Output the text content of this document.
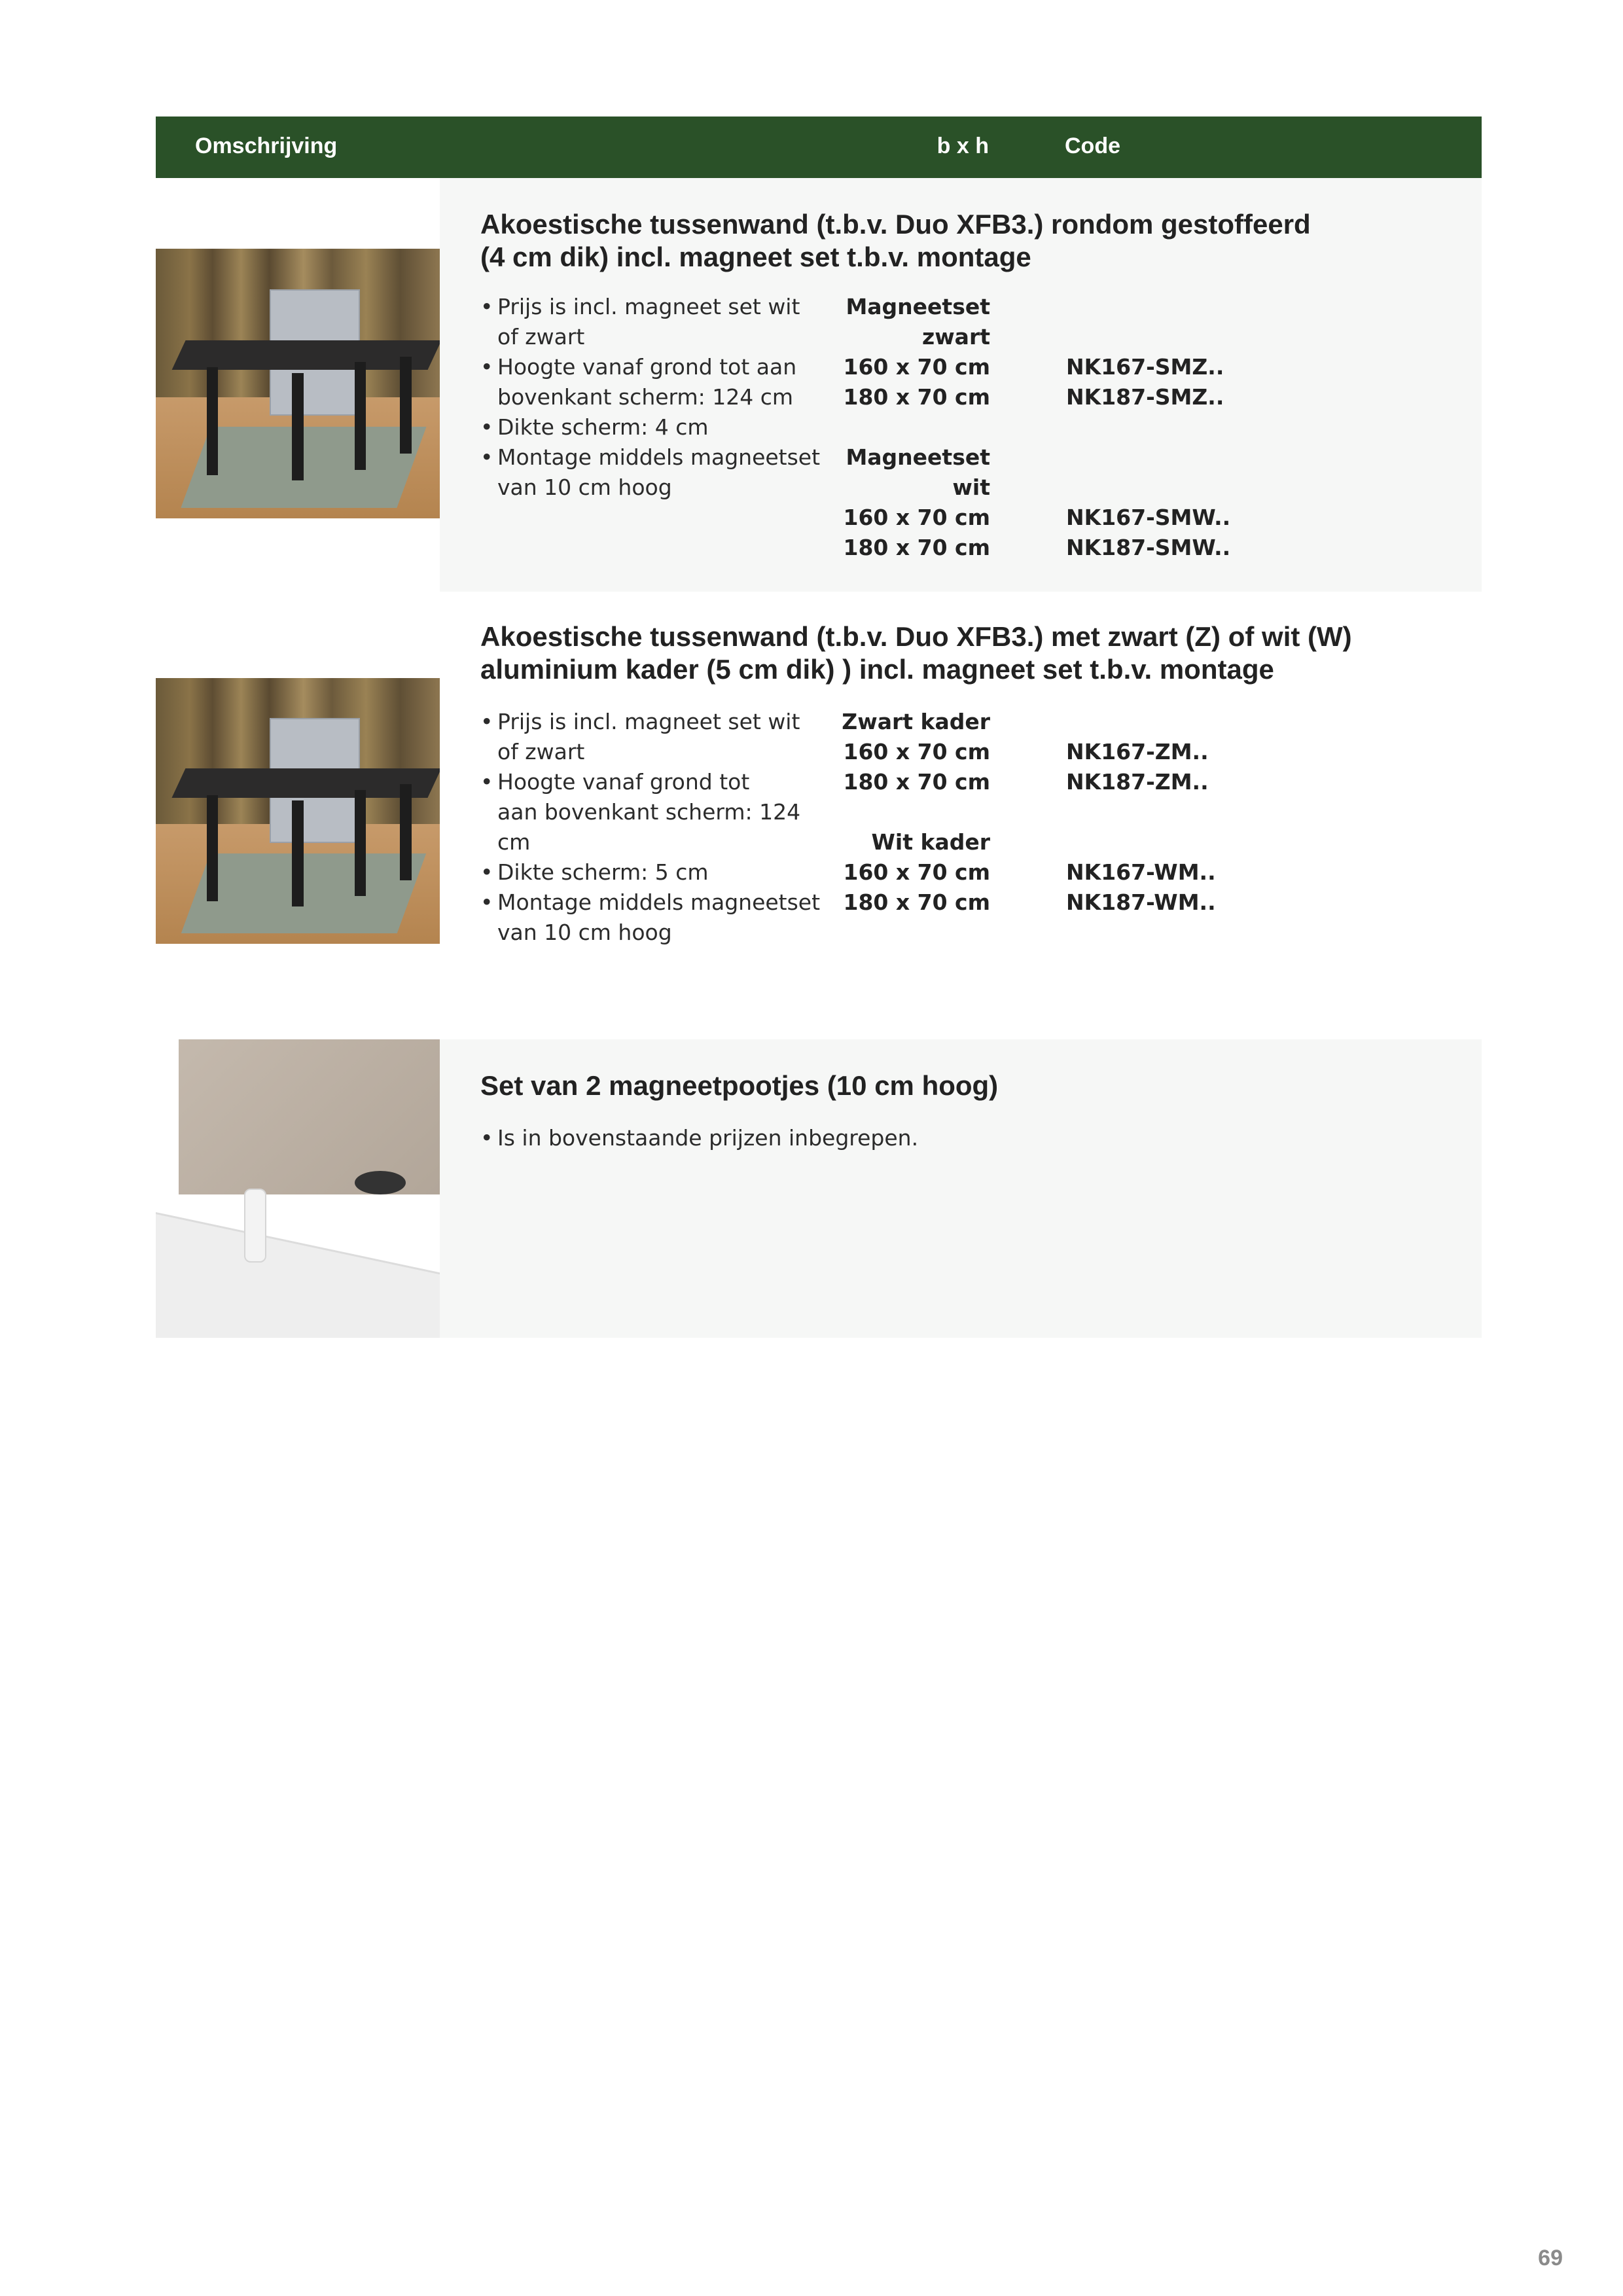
Omschrijving	b x h	Code
Akoestische tussenwand (t.b.v. Duo XFB3.) rondom gestoffeerd
(4 cm dik) incl. magneet set t.b.v. montage
• Prijs is incl. magneet set wit
of zwart
• Hoogte vanaf grond tot aan
bovenkant scherm: 124 cm
• Dikte scherm: 4 cm
• Montage middels magneetset
van 10 cm hoog
Magneetset
zwart
160 x 70 cm
180 x 70 cm

Magneetset
wit
160 x 70 cm
180 x 70 cm

NK167-SMZ..
NK187-SMZ..

NK167-SMW..
NK187-SMW..
Akoestische tussenwand (t.b.v. Duo XFB3.) met zwart (Z) of wit (W)
aluminium kader (5 cm dik) ) incl. magneet set t.b.v. montage
• Prijs is incl. magneet set wit
of zwart
• Hoogte vanaf grond tot
aan bovenkant scherm: 124
cm
• Dikte scherm: 5 cm
• Montage middels magneetset
van 10 cm hoog
Zwart kader
160 x 70 cm
180 x 70 cm

Wit kader
160 x 70 cm
180 x 70 cm

NK167-ZM..
NK187-ZM..

NK167-WM..
NK187-WM..
Set van 2 magneetpootjes (10 cm hoog)
• Is in bovenstaande prijzen inbegrepen.

69
